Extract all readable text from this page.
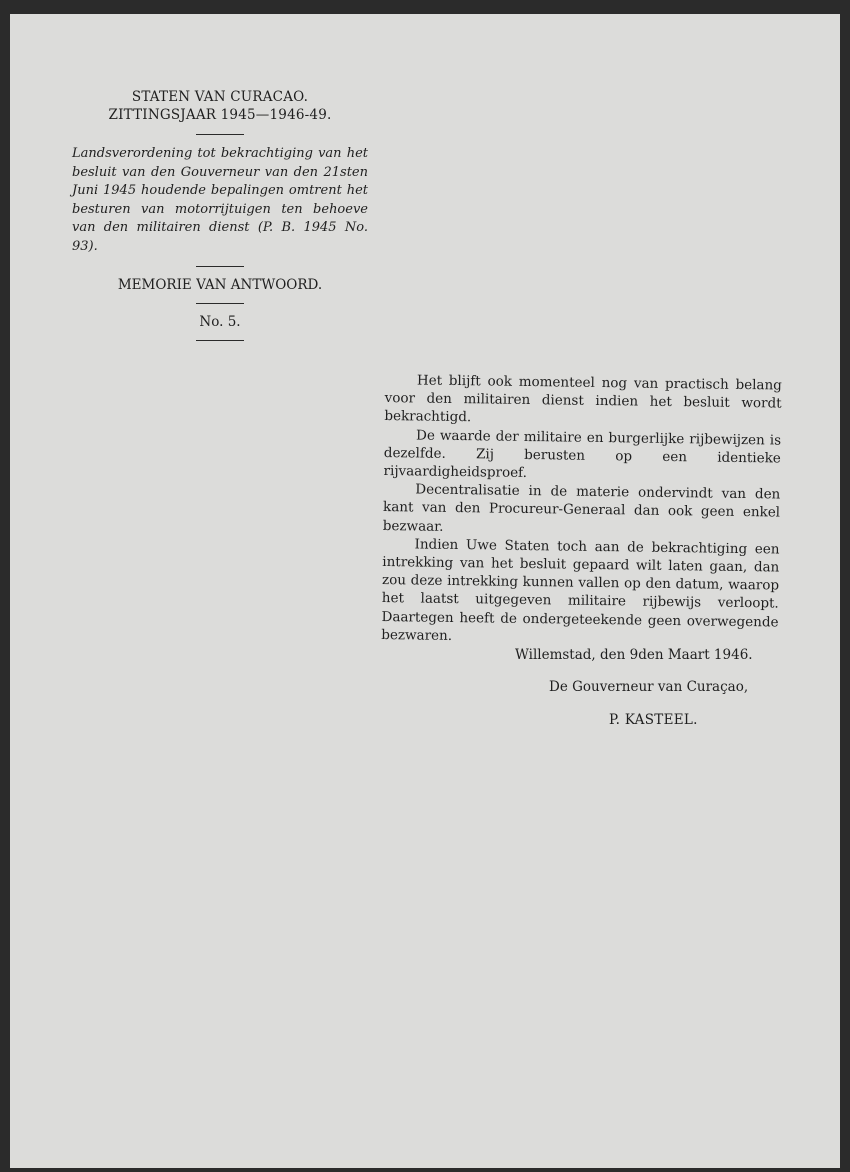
STATEN VAN CURACAO.
ZITTINGSJAAR 1945—1946-49.
Landsverordening tot bekrachtiging van het besluit van den Gouverneur van den 21sten Juni 1945 houdende bepalingen omtrent het besturen van motorrijtuigen ten behoeve van den militairen dienst (P. B. 1945 No. 93).
MEMORIE VAN ANTWOORD.
No. 5.

Het blijft ook momenteel nog van practisch belang voor den militairen dienst indien het besluit wordt bekrachtigd.

De waarde der militaire en burgerlijke rijbewijzen is dezelfde. Zij berusten op een identieke rijvaardigheidsproef.

Decentralisatie in de materie ondervindt van den kant van den Procureur-Generaal dan ook geen enkel bezwaar.

Indien Uwe Staten toch aan de bekrachtiging een intrekking van het besluit gepaard wilt laten gaan, dan zou deze intrekking kunnen vallen op den datum, waarop het laatst uitgegeven militaire rijbewijs verloopt. Daartegen heeft de ondergeteekende geen overwegende bezwaren.

Willemstad, den 9den Maart 1946.
De Gouverneur van Curaçao,
P. KASTEEL.
